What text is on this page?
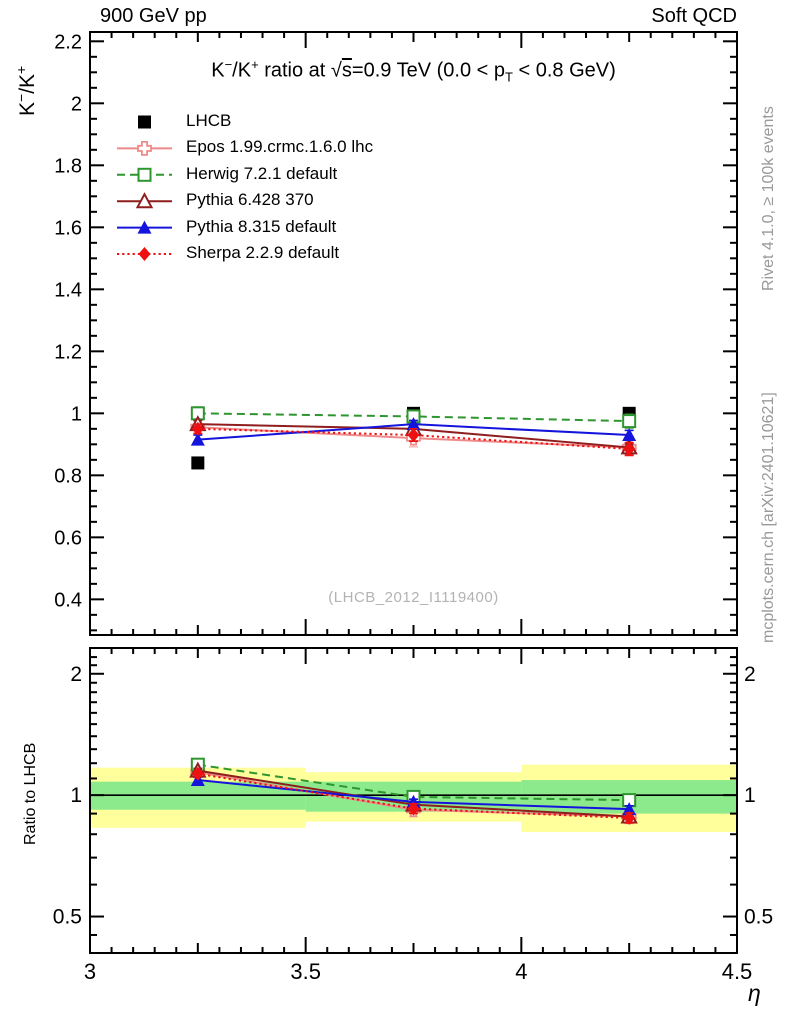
0.4
0.6
0.8
1
1.2
1.4
1.6
1.8
2
2.2
2	2
1	1
0.5	0.5
3	3.5	4	4.5
900 GeV pp	Soft QCD
K−/K+ ratio at √s=0.9 TeV ($0.0 < p_T < 0.8$ GeV)
K−/K+
Ratio to LHCB
η
(LHCB_2012_I1119400)
Rivet 4.1.0, ≥ 100k events
mcplots.cern.ch [arXiv:2401.10621]
LHCB
Epos 1.99.crmc.1.6.0 lhc
Herwig 7.2.1 default
Pythia 6.428 370
Pythia 8.315 default
Sherpa 2.2.9 default
